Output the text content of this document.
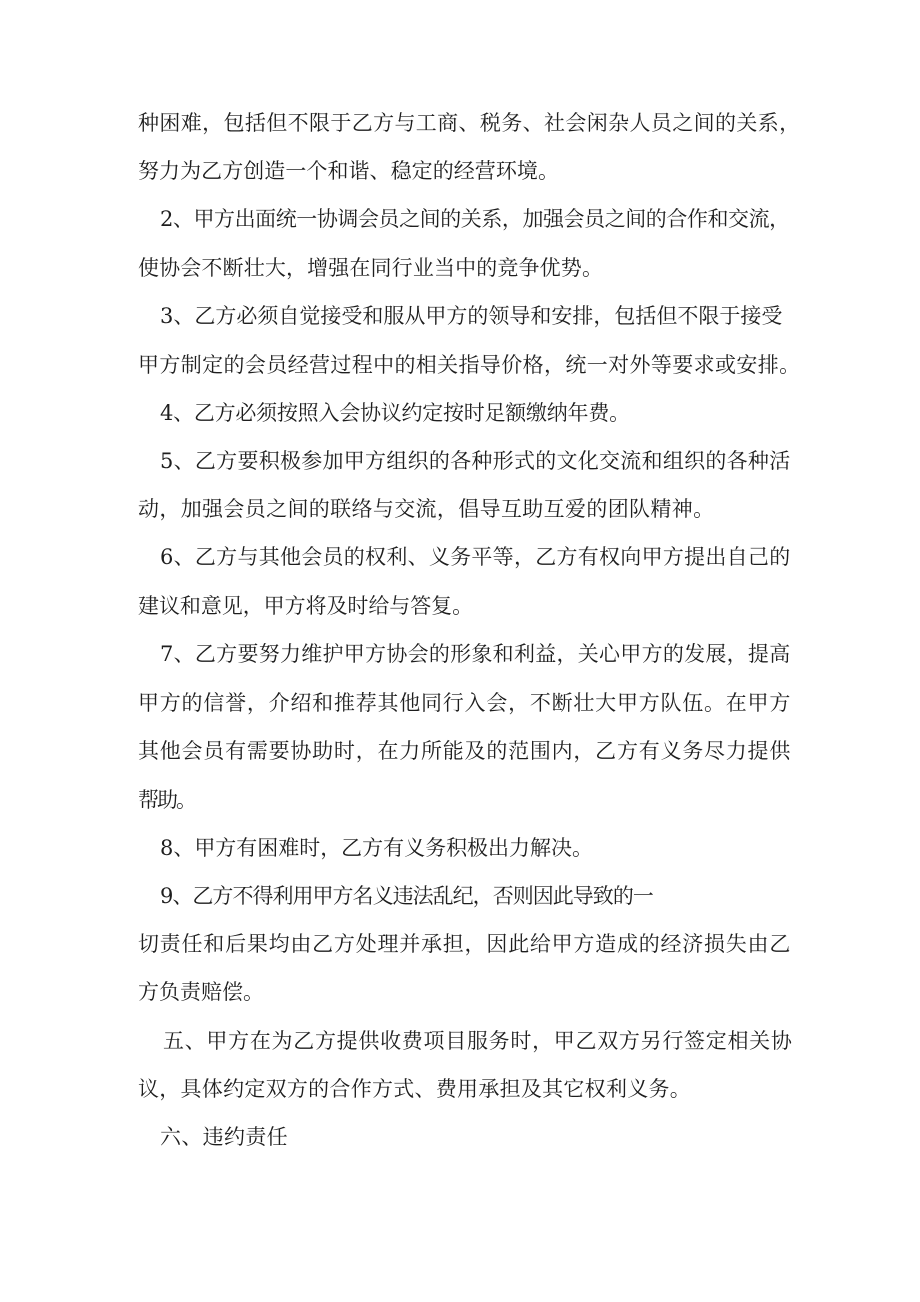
种困难，包括但不限于乙方与工商、税务、社会闲杂人员之间的关系，
努力为乙方创造一个和谐、稳定的经营环境。
2、甲方出面统一协调会员之间的关系，加强会员之间的合作和交流，
使协会不断壮大，增强在同行业当中的竞争优势。
3、乙方必须自觉接受和服从甲方的领导和安排，包括但不限于接受
甲方制定的会员经营过程中的相关指导价格，统一对外等要求或安排。
4、乙方必须按照入会协议约定按时足额缴纳年费。
5、乙方要积极参加甲方组织的各种形式的文化交流和组织的各种活
动，加强会员之间的联络与交流，倡导互助互爱的团队精神。
6、乙方与其他会员的权利、义务平等，乙方有权向甲方提出自己的
建议和意见，甲方将及时给与答复。
7、乙方要努力维护甲方协会的形象和利益，关心甲方的发展，提高
甲方的信誉，介绍和推荐其他同行入会，不断壮大甲方队伍。在甲方
其他会员有需要协助时，在力所能及的范围内，乙方有义务尽力提供
帮助。
8、甲方有困难时，乙方有义务积极出力解决。
9、乙方不得利用甲方名义违法乱纪，否则因此导致的一
切责任和后果均由乙方处理并承担，因此给甲方造成的经济损失由乙
方负责赔偿。
五、甲方在为乙方提供收费项目服务时，甲乙双方另行签定相关协
议，具体约定双方的合作方式、费用承担及其它权利义务。
六、违约责任
